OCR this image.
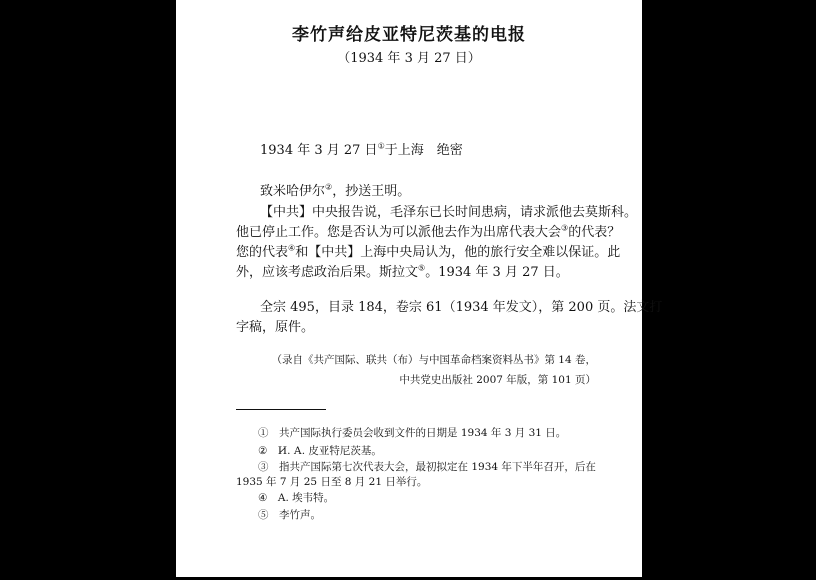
李竹声给皮亚特尼茨基的电报
（1934 年 3 月 27 日）
1934 年 3 月 27 日①于上海　绝密
致米哈伊尔②，抄送王明。
【中共】中央报告说，毛泽东已长时间患病，请求派他去莫斯科。
他已停止工作。您是否认为可以派他去作为出席代表大会③的代表？
您的代表④和【中共】上海中央局认为，他的旅行安全难以保证。此
外，应该考虑政治后果。斯拉文⑤。1934 年 3 月 27 日。
全宗 495，目录 184，卷宗 61（1934 年发文），第 200 页。法文打
字稿，原件。
（录自《共产国际、联共（布）与中国革命档案资料丛书》第 14 卷，
中共党史出版社 2007 年版，第 101 页）
①　共产国际执行委员会收到文件的日期是 1934 年 3 月 31 日。
②　И. А. 皮亚特尼茨基。
③　指共产国际第七次代表大会，最初拟定在 1934 年下半年召开，后在
1935 年 7 月 25 日至 8 月 21 日举行。
④　A. 埃韦特。
⑤　李竹声。
